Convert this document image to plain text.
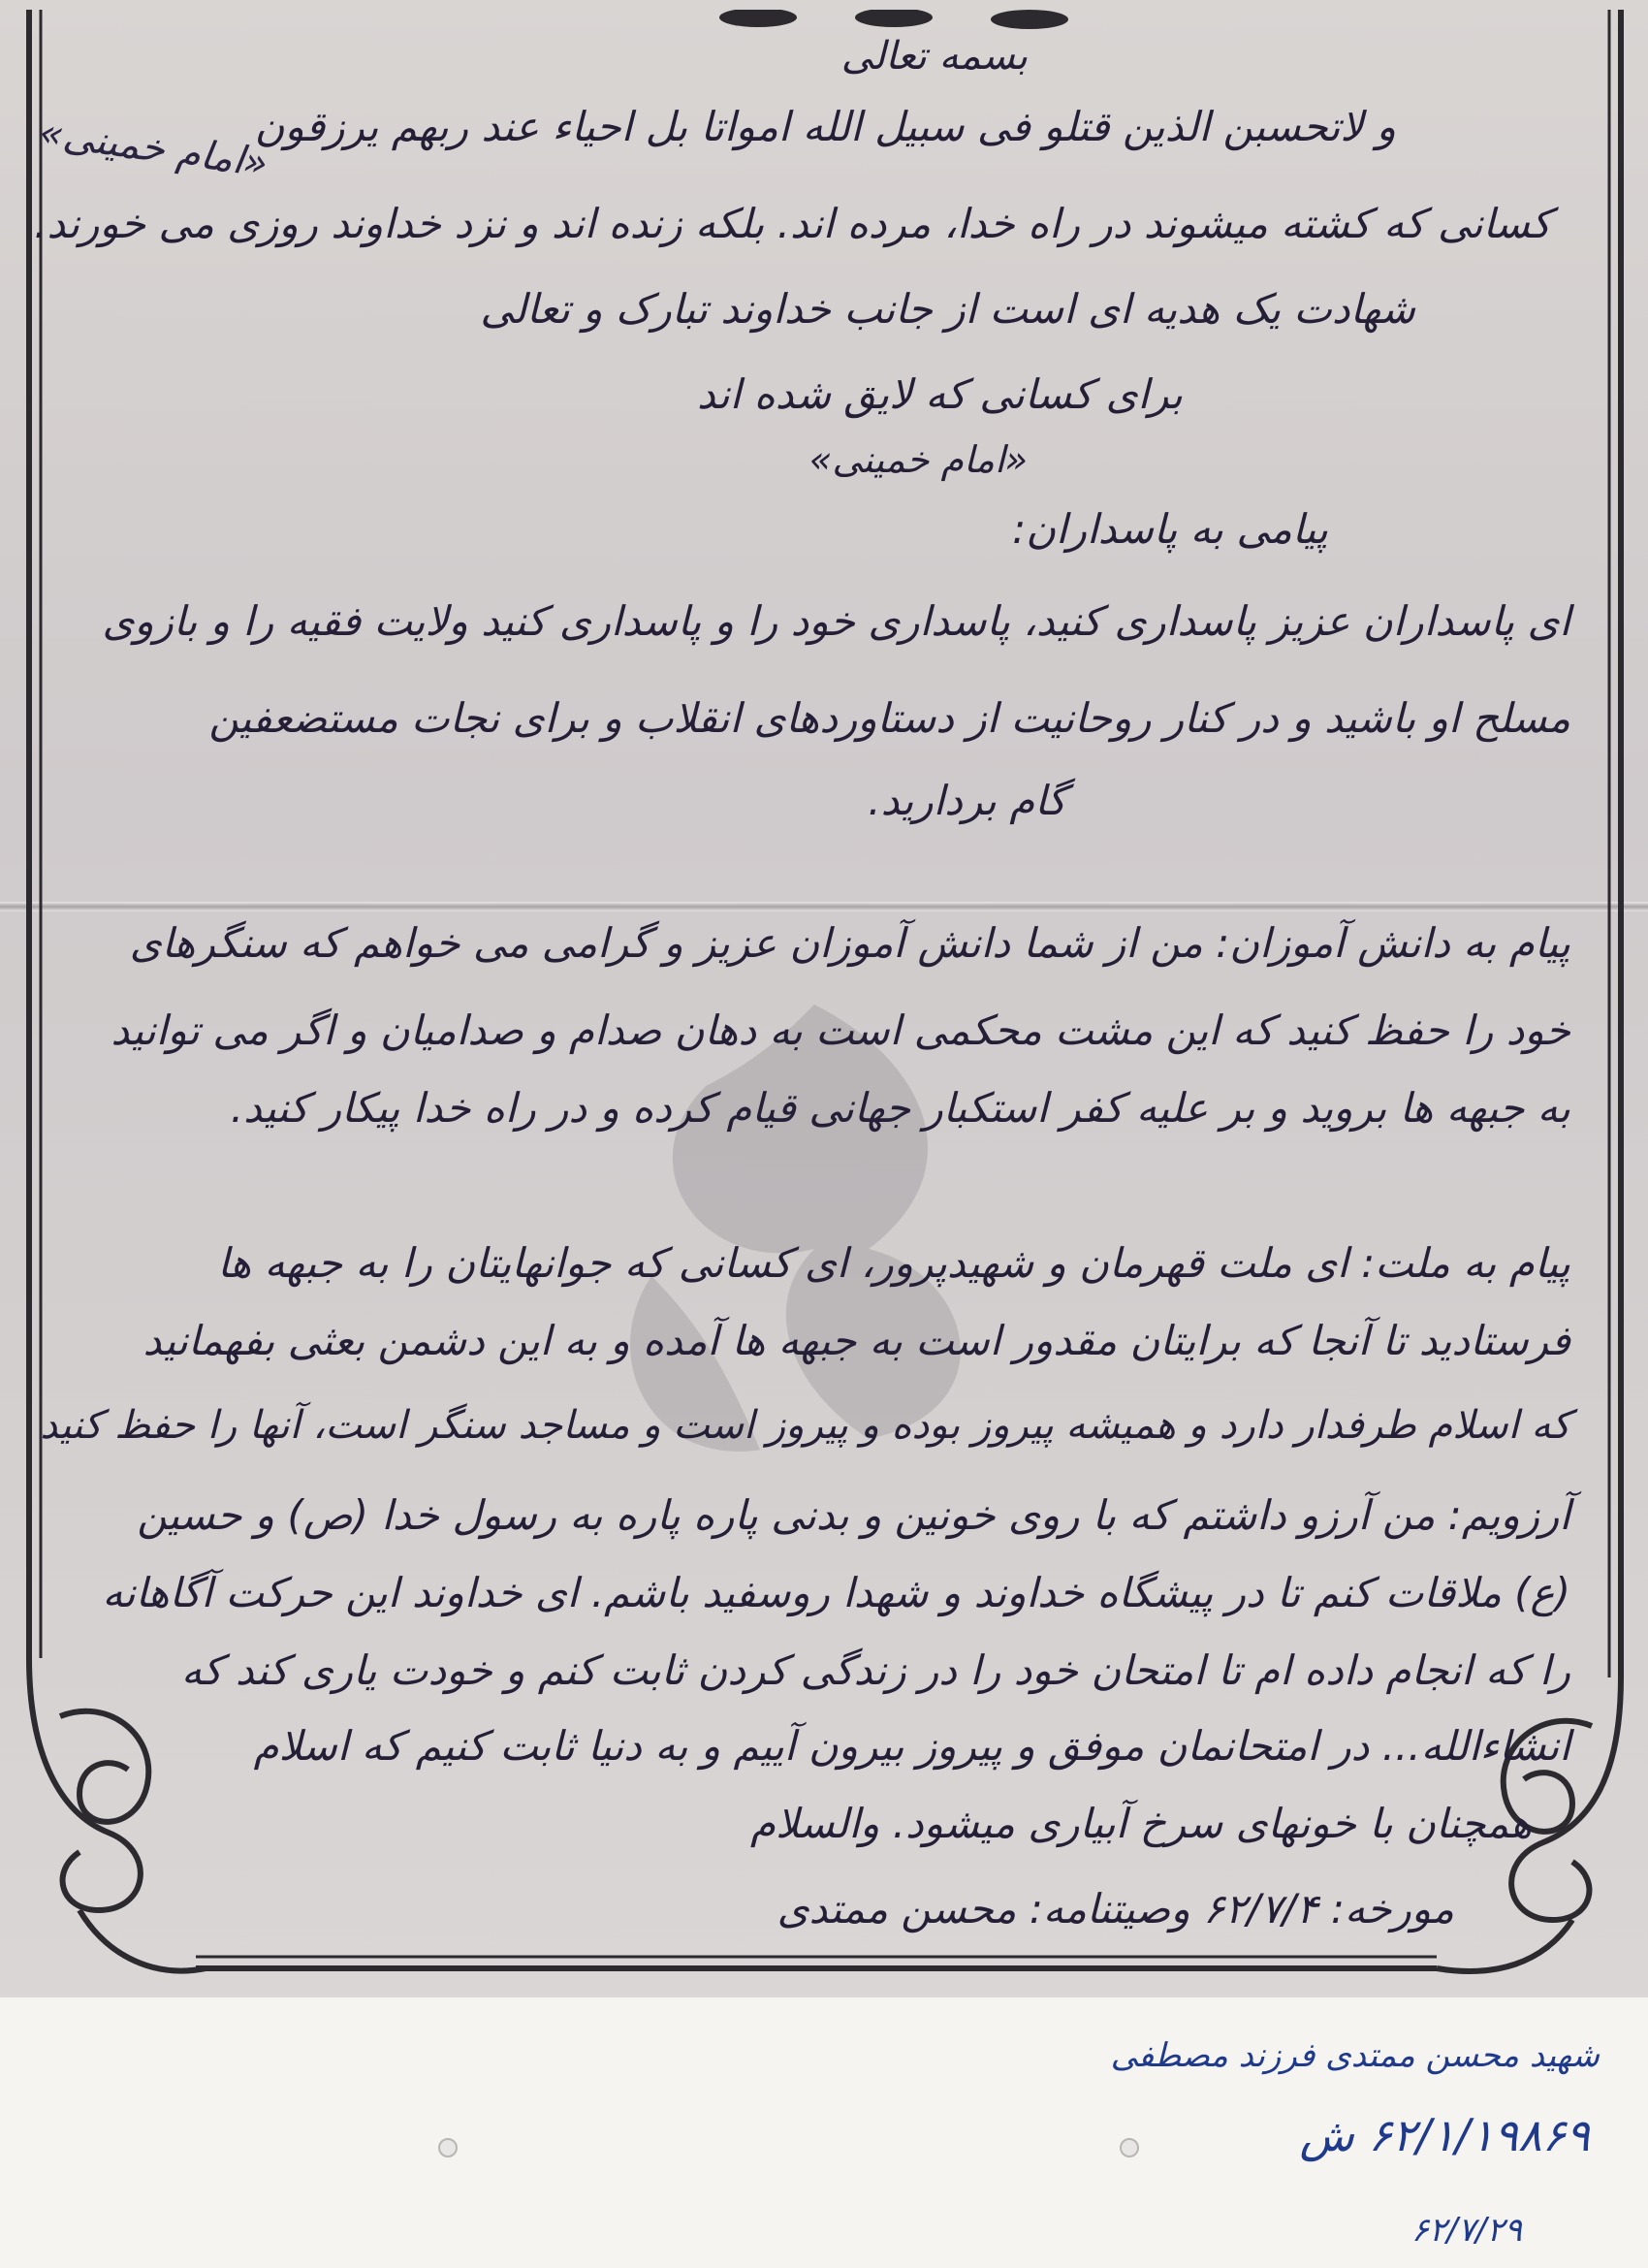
بسمه تعالی
و لاتحسبن الذین قتلو فی سبیل الله امواتا بل احیاء عند ربهم یرزقون
کسانی که کشته میشوند در راه خدا، مرده اند. بلکه زنده اند و نزد خداوند روزی می خورند.
شهادت یک هدیه ای است از جانب خداوند تبارک و تعالی
برای کسانی که لایق شده اند
«امام خمینی»
پیامی به پاسداران:
ای پاسداران عزیز پاسداری کنید، پاسداری خود را و پاسداری کنید ولایت فقیه را و بازوی
مسلح او باشید و در کنار روحانیت از دستاوردهای انقلاب و برای نجات مستضعفین
گام بردارید.
پیام به دانش آموزان: من از شما دانش آموزان عزیز و گرامی می خواهم که سنگرهای
خود را حفظ کنید که این مشت محکمی است به دهان صدام و صدامیان و اگر می توانید
به جبهه ها بروید و بر علیه کفر استکبار جهانی قیام کرده و در راه خدا پیکار کنید.
پیام به ملت: ای ملت قهرمان و شهیدپرور، ای کسانی که جوانهایتان را به جبهه ها
فرستادید تا آنجا که برایتان مقدور است به جبهه ها آمده و به این دشمن بعثی بفهمانید
که اسلام طرفدار دارد و همیشه پیروز بوده و پیروز است و مساجد سنگر است، آنها را حفظ کنید
آرزویم: من آرزو داشتم که با روی خونین و بدنی پاره پاره به رسول خدا (ص) و حسین
(ع) ملاقات کنم تا در پیشگاه خداوند و شهدا روسفید باشم. ای خداوند این حرکت آگاهانه
را که انجام داده ام تا امتحان خود را در زندگی کردن ثابت کنم و خودت یاری کند که
انشاءالله... در امتحانمان موفق و پیروز بیرون آییم و به دنیا ثابت کنیم که اسلام
همچنان با خونهای سرخ آبیاری میشود. والسلام
مورخه: ۶۲/۷/۴ وصیتنامه: محسن ممتدی
«امام خمینی»
شهید محسن ممتدی فرزند مصطفی
۶۲/۱/۱۹۸۶۹ ش
۶۲/۷/۲۹
